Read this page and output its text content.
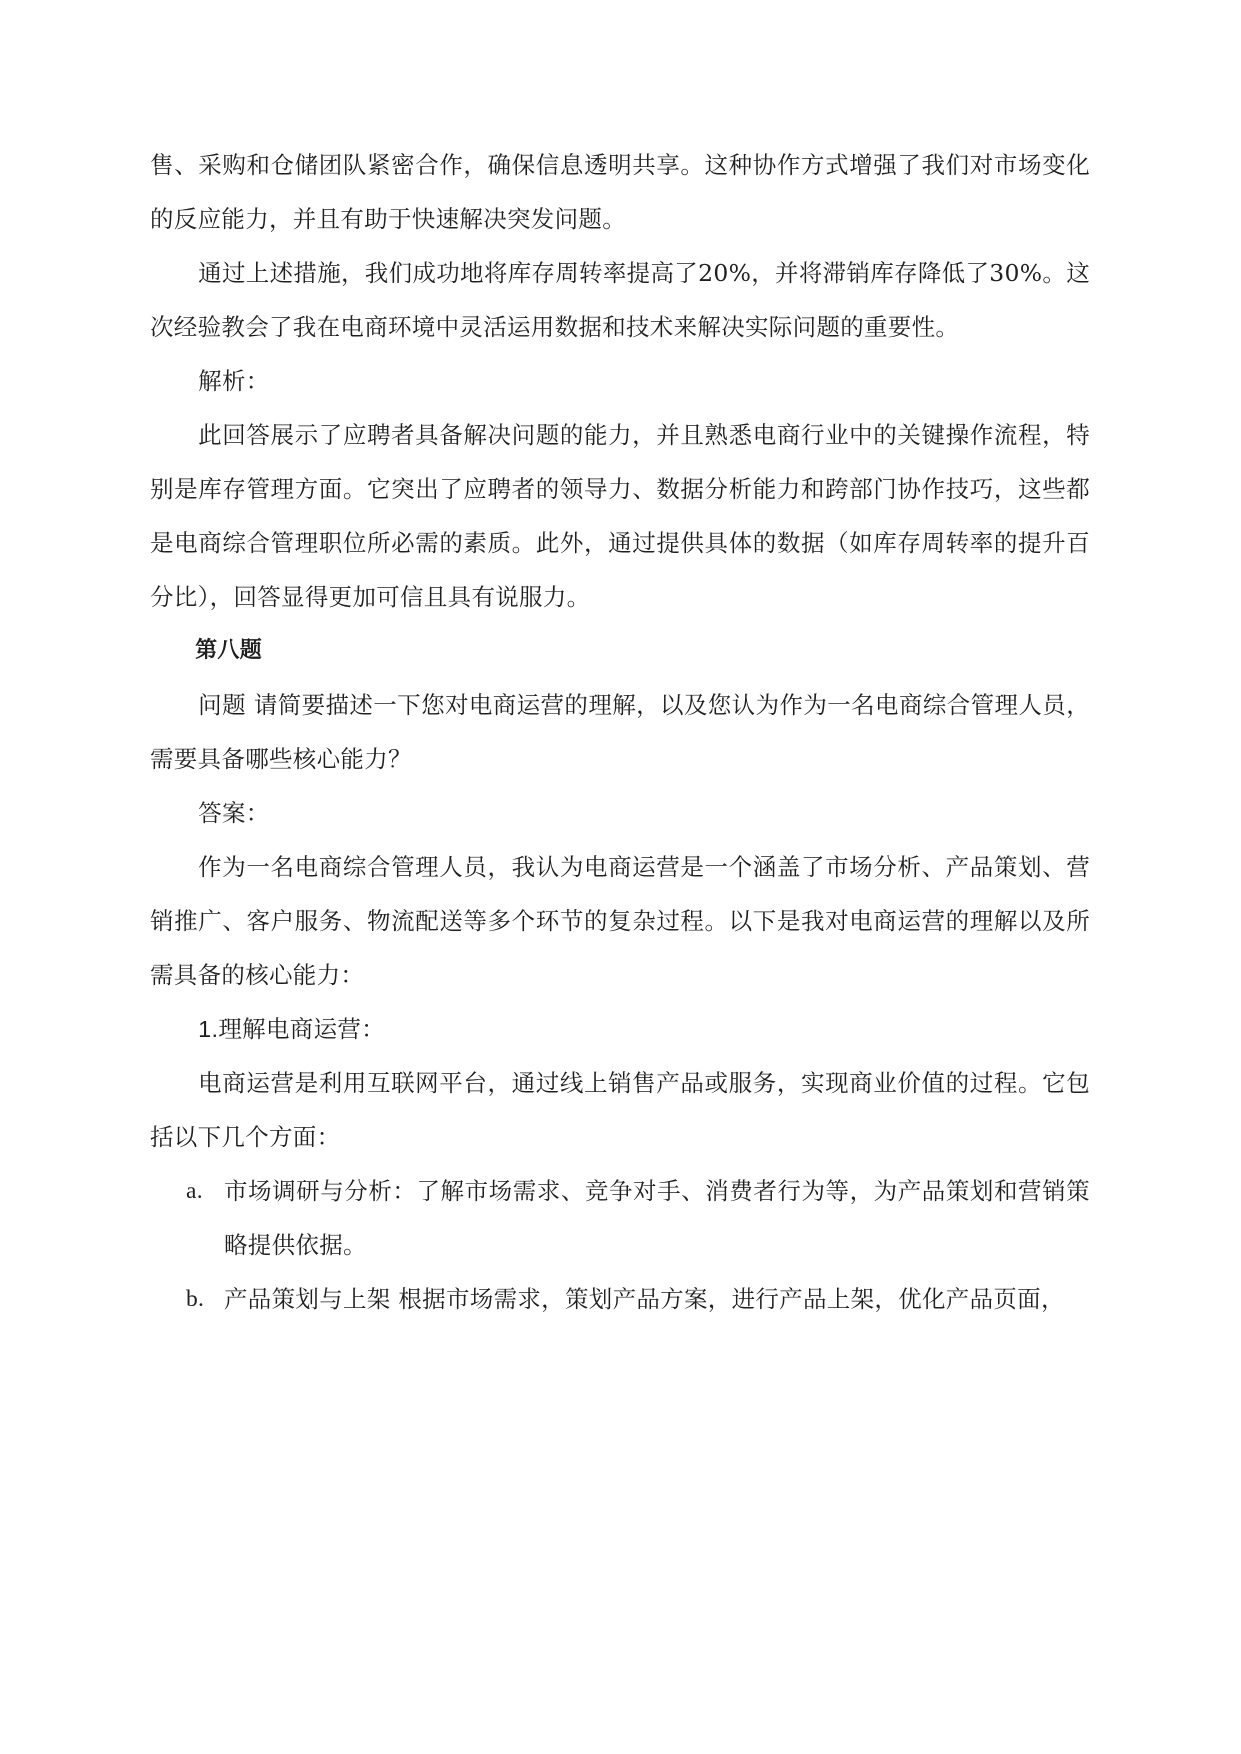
售、采购和仓储团队紧密合作，确保信息透明共享。这种协作方式增强了我们对市场变化的反应能力，并且有助于快速解决突发问题。

通过上述措施，我们成功地将库存周转率提高了20%，并将滞销库存降低了30%。这次经验教会了我在电商环境中灵活运用数据和技术来解决实际问题的重要性。

解析：

此回答展示了应聘者具备解决问题的能力，并且熟悉电商行业中的关键操作流程，特别是库存管理方面。它突出了应聘者的领导力、数据分析能力和跨部门协作技巧，这些都是电商综合管理职位所必需的素质。此外，通过提供具体的数据（如库存周转率的提升百分比），回答显得更加可信且具有说服力。

第八题

问题 请简要描述一下您对电商运营的理解，以及您认为作为一名电商综合管理人员，需要具备哪些核心能力？

答案：

作为一名电商综合管理人员，我认为电商运营是一个涵盖了市场分析、产品策划、营销推广、客户服务、物流配送等多个环节的复杂过程。以下是我对电商运营的理解以及所需具备的核心能力：

1.理解电商运营：

电商运营是利用互联网平台，通过线上销售产品或服务，实现商业价值的过程。它包括以下几个方面：

a. 市场调研与分析：了解市场需求、竞争对手、消费者行为等，为产品策划和营销策略提供依据。
b. 产品策划与上架 根据市场需求，策划产品方案，进行产品上架，优化产品页面，
